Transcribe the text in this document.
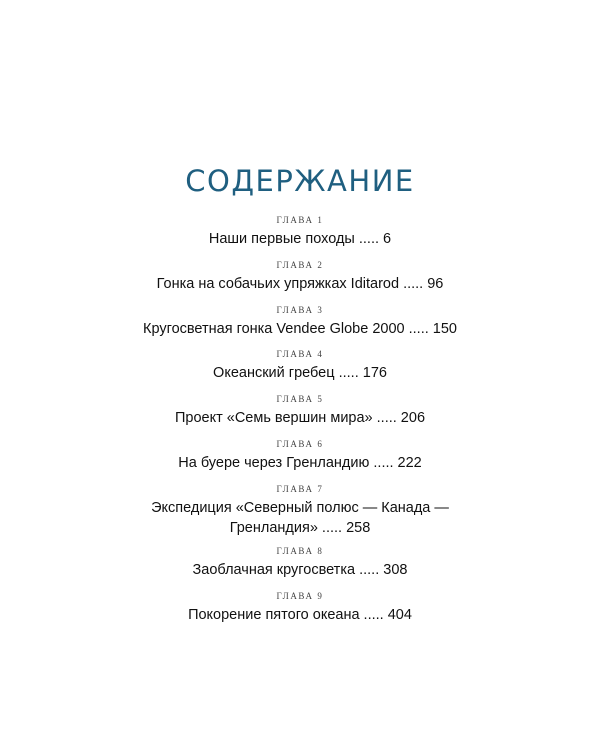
СОДЕРЖАНИЕ
ГЛАВА 1
Наши первые походы ..... 6
ГЛАВА 2
Гонка на собачьих упряжках Iditarod ..... 96
ГЛАВА 3
Кругосветная гонка Vendee Globe 2000 ..... 150
ГЛАВА 4
Океанский гребец ..... 176
ГЛАВА 5
Проект «Семь вершин мира» ..... 206
ГЛАВА 6
На буере через Гренландию ..... 222
ГЛАВА 7
Экспедиция «Северный полюс — Канада —
Гренландия» ..... 258
ГЛАВА 8
Заоблачная кругосветка ..... 308
ГЛАВА 9
Покорение пятого океана ..... 404
